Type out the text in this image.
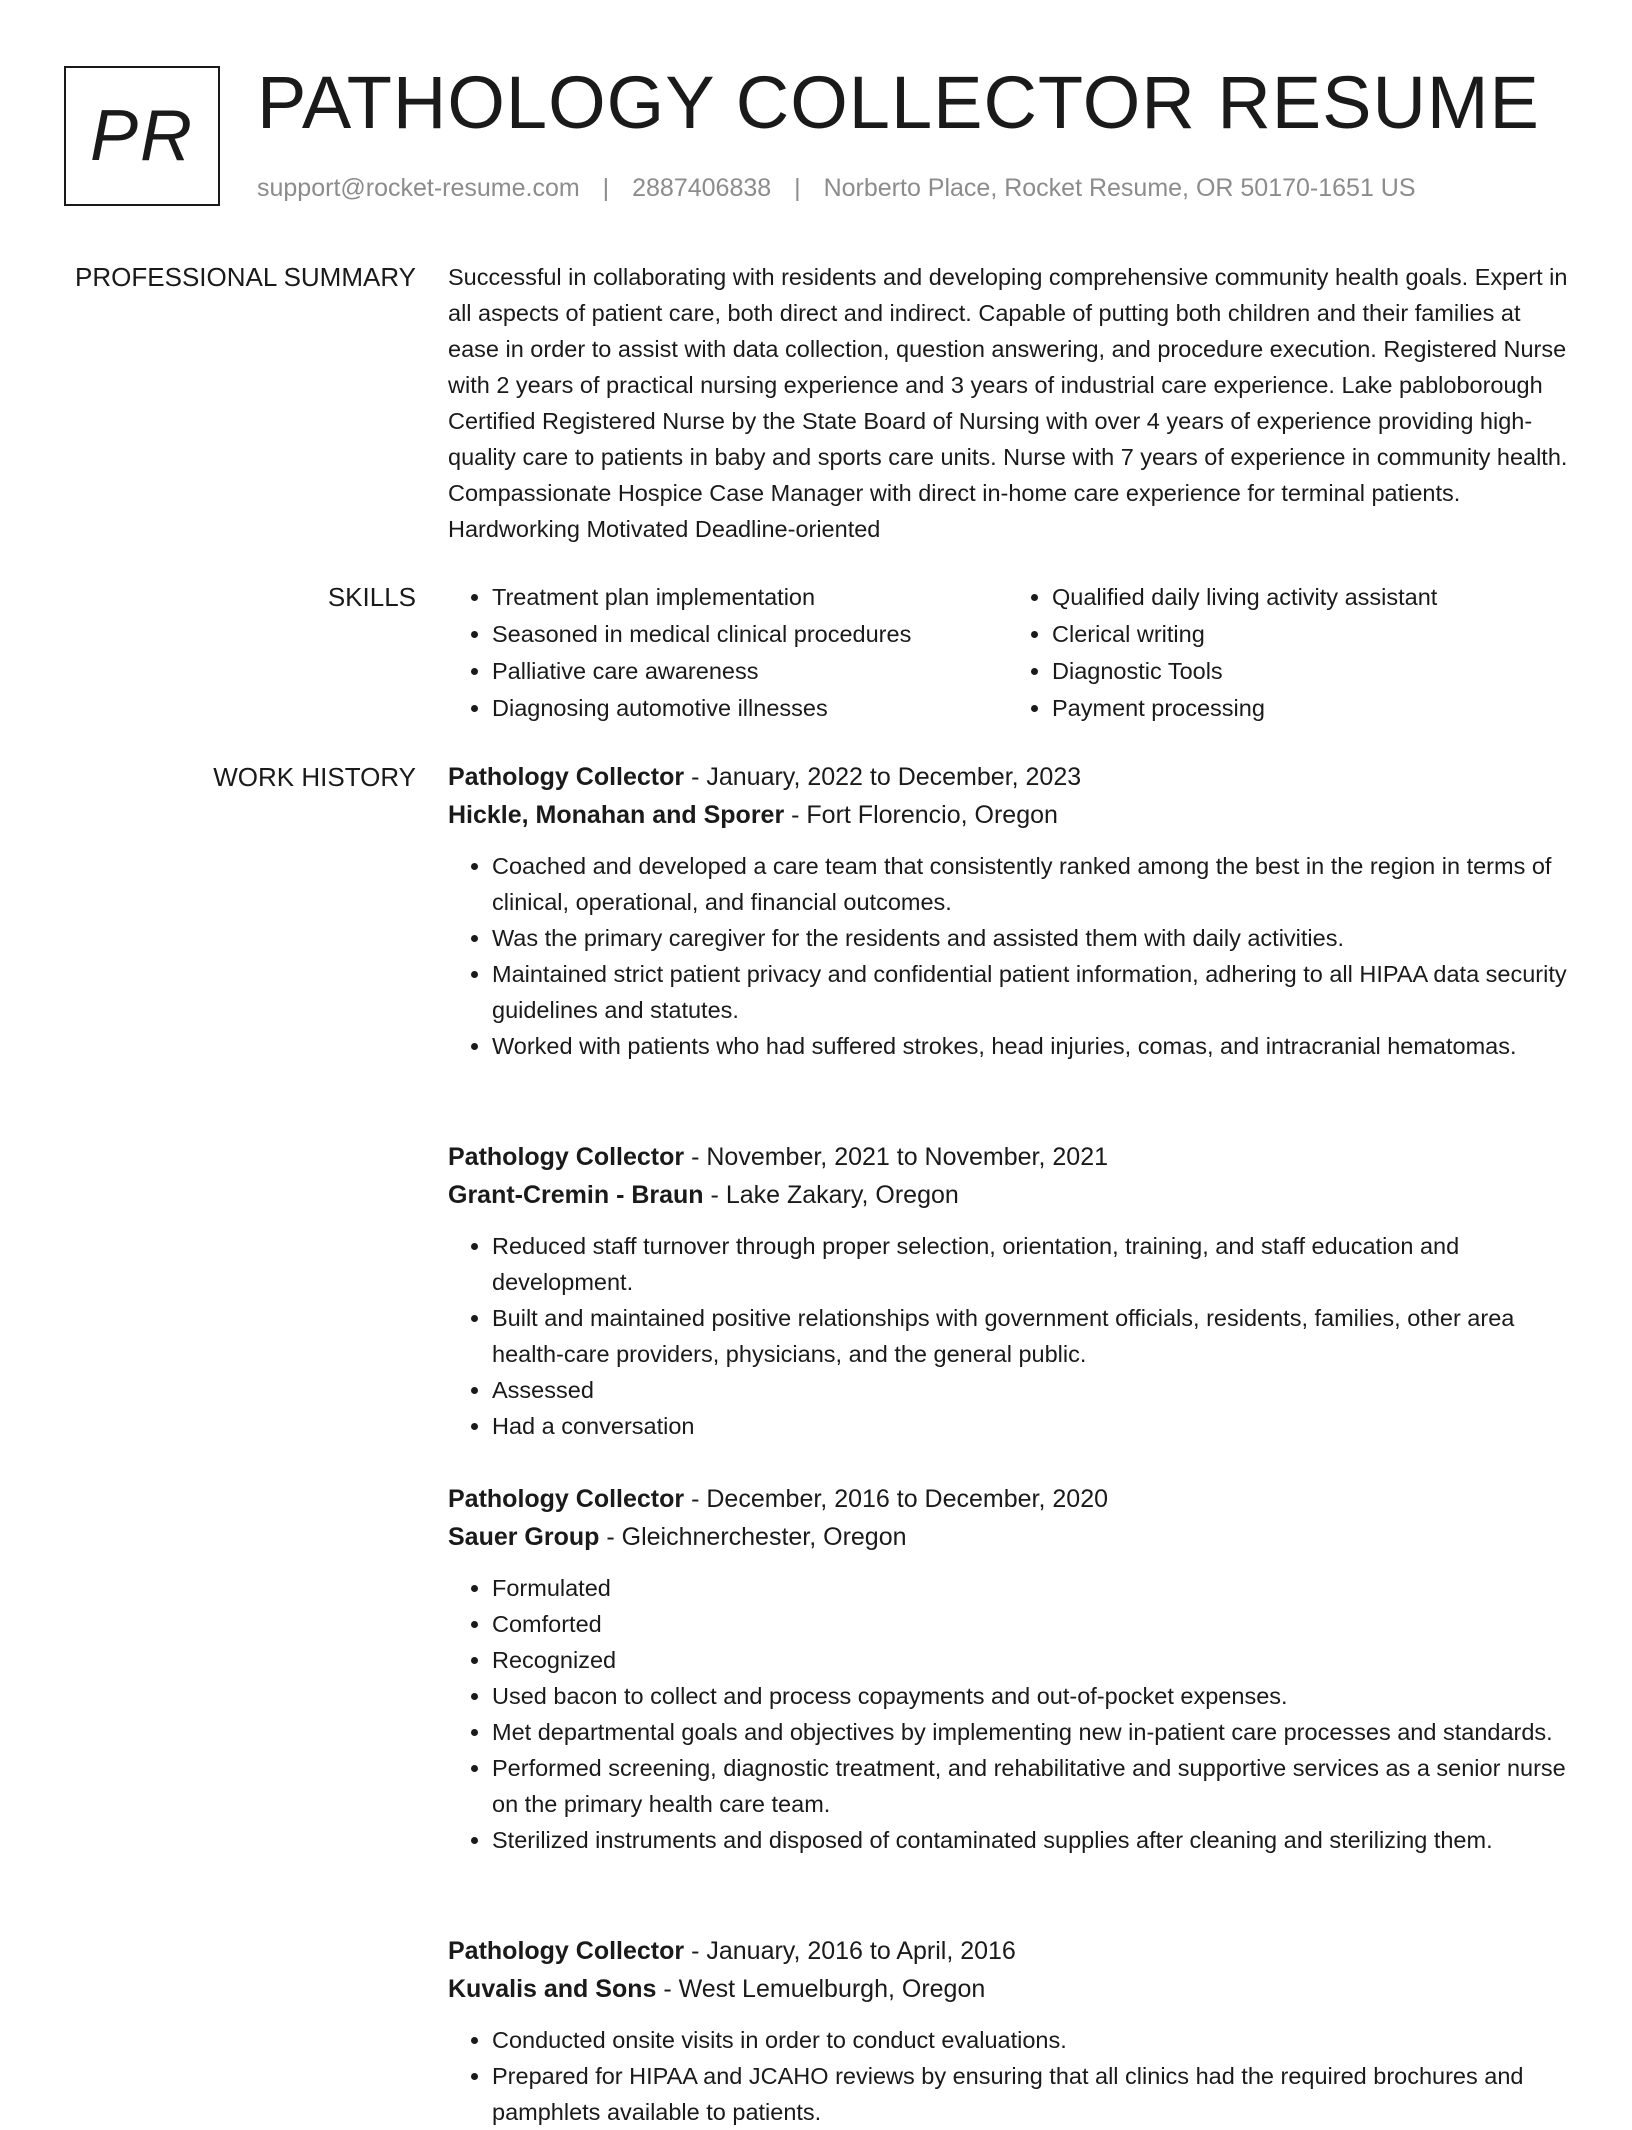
PR PATHOLOGY COLLECTOR RESUME
support@rocket-resume.com | 2887406838 | Norberto Place, Rocket Resume, OR 50170-1651 US
PROFESSIONAL SUMMARY Successful in collaborating with residents and developing comprehensive community health goals. Expert in all aspects of patient care, both direct and indirect. Capable of putting both children and their families at ease in order to assist with data collection, question answering, and procedure execution. Registered Nurse with 2 years of practical nursing experience and 3 years of industrial care experience. Lake pabloborough Certified Registered Nurse by the State Board of Nursing with over 4 years of experience providing high-quality care to patients in baby and sports care units. Nurse with 7 years of experience in community health. Compassionate Hospice Case Manager with direct in-home care experience for terminal patients. Hardworking Motivated Deadline-oriented

SKILLS
•	Treatment plan implementation
• Seasoned in medical clinical procedures
• Palliative care awareness
• Diagnosing automotive illnesses
• Qualified daily living activity assistant
• Clerical writing
• Diagnostic Tools
• Payment processing
WORK HISTORY Pathology Collector - January, 2022 to December, 2023
Hickle, Monahan and Sporer - Fort Florencio, Oregon
• Coached and developed a care team that consistently ranked among the best in the region in terms of clinical, operational, and financial outcomes.
• Was the primary caregiver for the residents and assisted them with daily activities.
• Maintained strict patient privacy and confidential patient information, adhering to all HIPAA data security guidelines and statutes.
• Worked with patients who had suffered strokes, head injuries, comas, and intracranial hematomas.
Pathology Collector - November, 2021 to November, 2021
Grant-Cremin - Braun - Lake Zakary, Oregon
• Reduced staff turnover through proper selection, orientation, training, and staff education and development.
• Built and maintained positive relationships with government officials, residents, families, other area health-care providers, physicians, and the general public.
• Assessed
• Had a conversation
Pathology Collector - December, 2016 to December, 2020
Sauer Group - Gleichnerchester, Oregon
• Formulated
• Comforted
• Recognized
• Used bacon to collect and process copayments and out-of-pocket expenses.
• Met departmental goals and objectives by implementing new in-patient care processes and standards.
• Performed screening, diagnostic treatment, and rehabilitative and supportive services as a senior nurse on the primary health care team.
• Sterilized instruments and disposed of contaminated supplies after cleaning and sterilizing them.
Pathology Collector - January, 2016 to April, 2016
Kuvalis and Sons - West Lemuelburgh, Oregon
• Conducted onsite visits in order to conduct evaluations.
• Prepared for HIPAA and JCAHO reviews by ensuring that all clinics had the required brochures and pamphlets available to patients.
